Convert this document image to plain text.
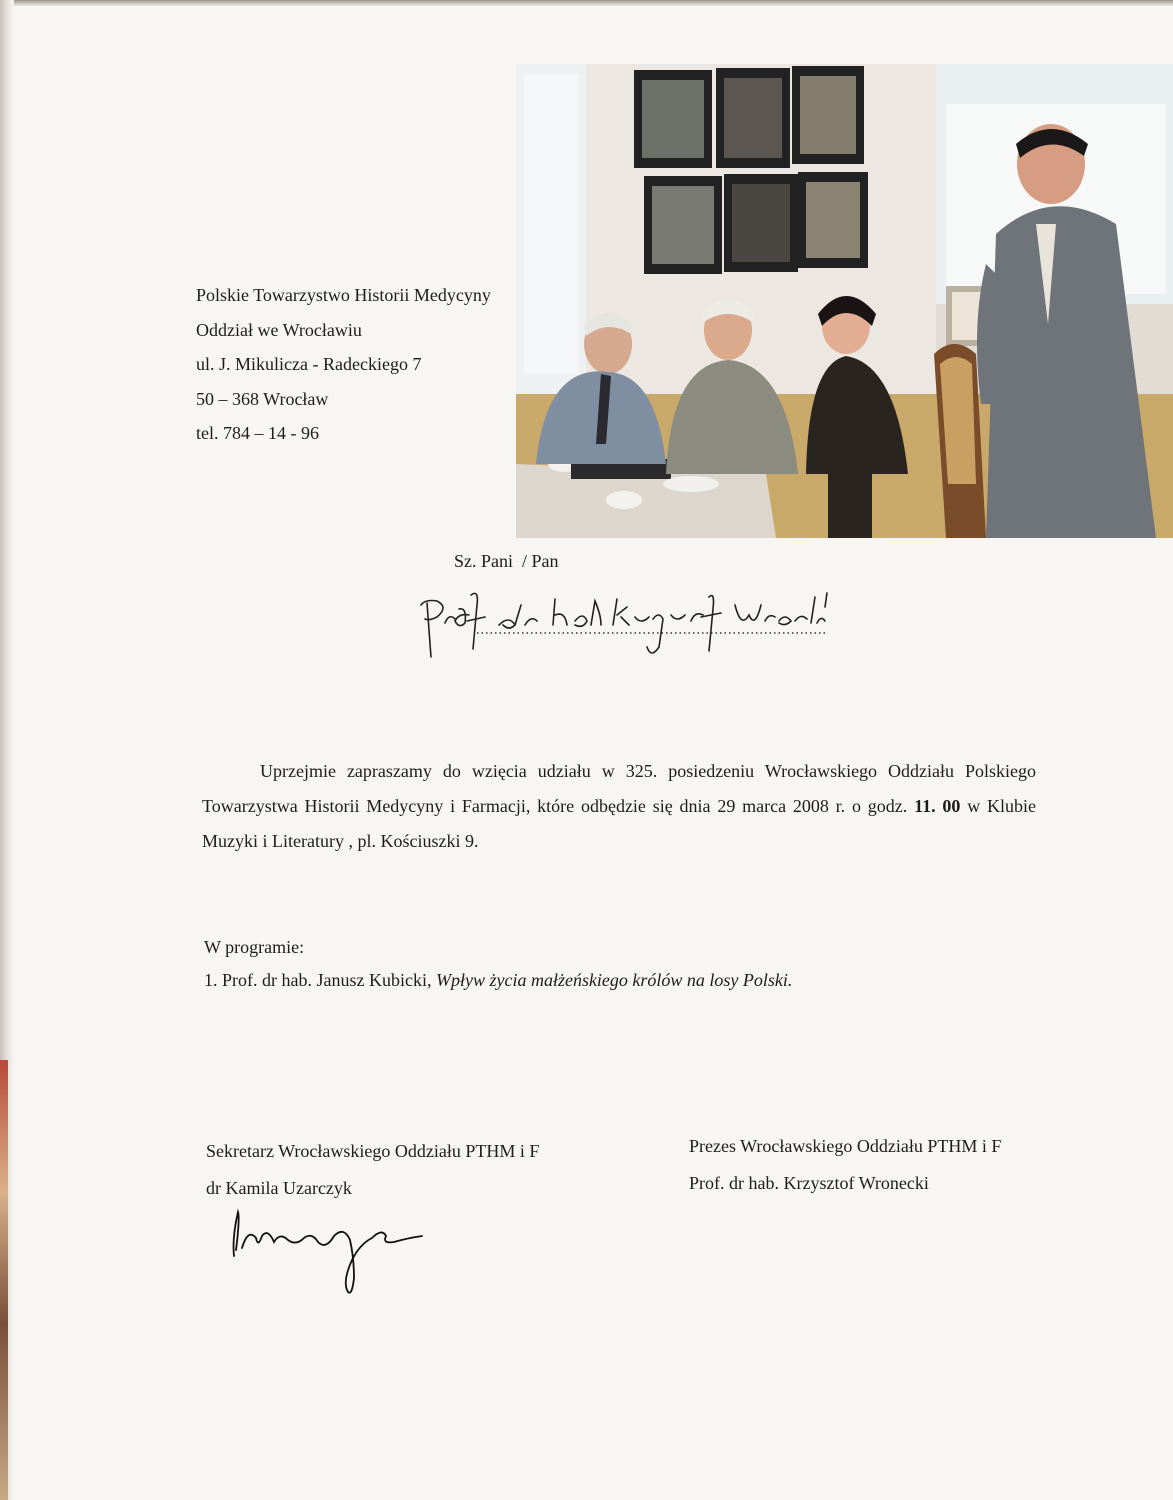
Polskie Towarzystwo Historii Medycyny
Oddział we Wrocławiu
ul. J. Mikulicza - Radeckiego 7
50 – 368 Wrocław
tel. 784 – 14 - 96
Sz. Pani  / Pan
Uprzejmie zapraszamy do wzięcia udziału w 325. posiedzeniu Wrocławskiego Oddziału Polskiego Towarzystwa Historii Medycyny i Farmacji, które odbędzie się dnia 29 marca 2008 r. o godz. 11. 00 w Klubie Muzyki i Literatury , pl. Kościuszki 9.
W programie:
1. Prof. dr hab. Janusz Kubicki, Wpływ życia małżeńskiego królów na losy Polski.
Sekretarz Wrocławskiego Oddziału PTHM i F
dr Kamila Uzarczyk
Prezes Wrocławskiego Oddziału PTHM i F
Prof. dr hab. Krzysztof Wronecki
